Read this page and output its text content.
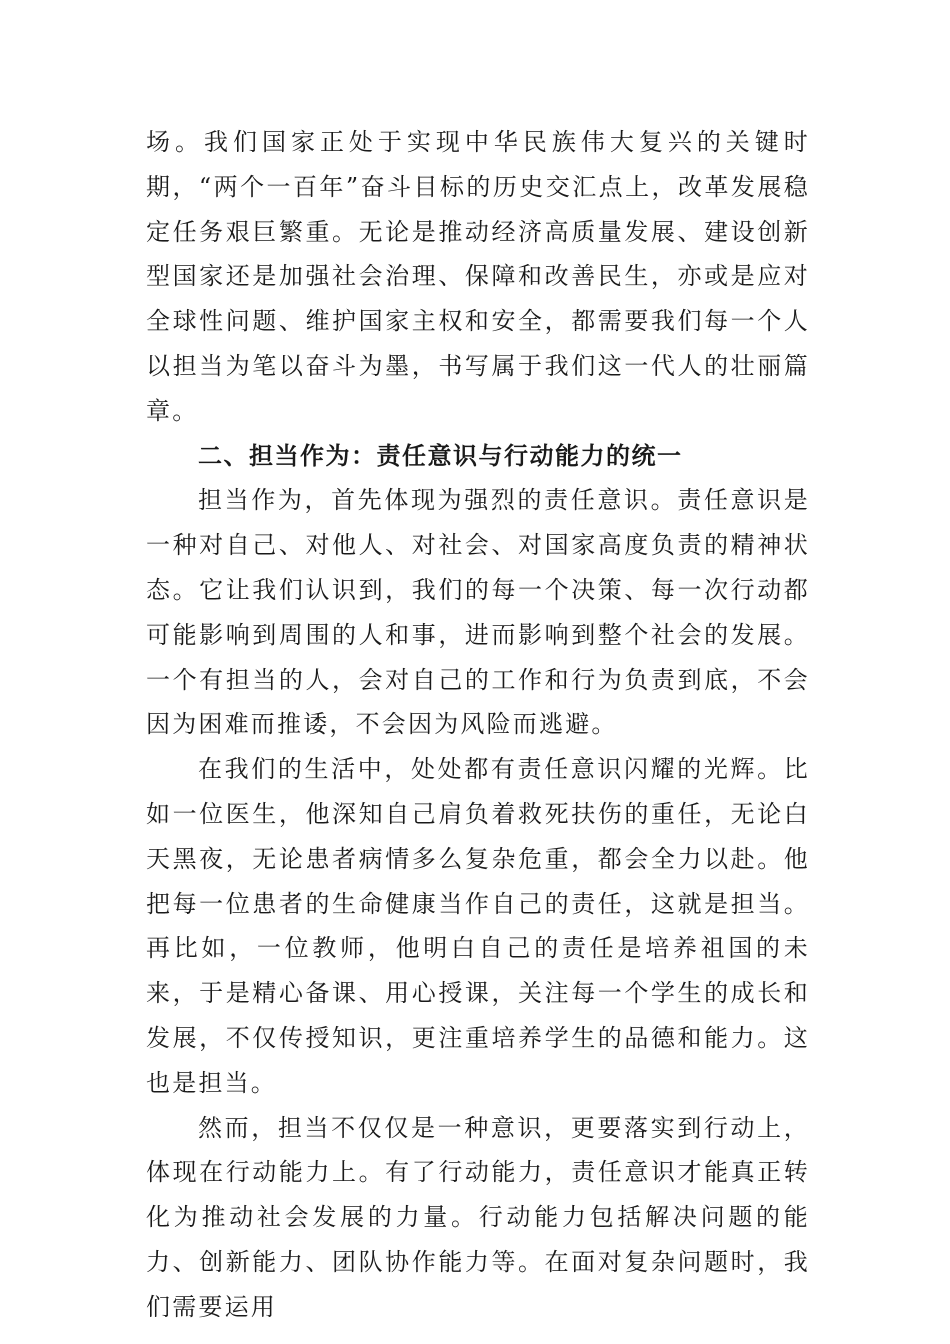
场。我们国家正处于实现中华民族伟大复兴的关键时期，“两个一百年”奋斗目标的历史交汇点上，改革发展稳定任务艰巨繁重。无论是推动经济高质量发展、建设创新型国家还是加强社会治理、保障和改善民生，亦或是应对全球性问题、维护国家主权和安全，都需要我们每一个人以担当为笔以奋斗为墨，书写属于我们这一代人的壮丽篇章。

二、担当作为：责任意识与行动能力的统一

担当作为，首先体现为强烈的责任意识。责任意识是一种对自己、对他人、对社会、对国家高度负责的精神状态。它让我们认识到，我们的每一个决策、每一次行动都可能影响到周围的人和事，进而影响到整个社会的发展。一个有担当的人，会对自己的工作和行为负责到底，不会因为困难而推诿，不会因为风险而逃避。

在我们的生活中，处处都有责任意识闪耀的光辉。比如一位医生，他深知自己肩负着救死扶伤的重任，无论白天黑夜，无论患者病情多么复杂危重，都会全力以赴。他把每一位患者的生命健康当作自己的责任，这就是担当。再比如，一位教师，他明白自己的责任是培养祖国的未来，于是精心备课、用心授课，关注每一个学生的成长和发展，不仅传授知识，更注重培养学生的品德和能力。这也是担当。

然而，担当不仅仅是一种意识，更要落实到行动上，体现在行动能力上。有了行动能力，责任意识才能真正转化为推动社会发展的力量。行动能力包括解决问题的能力、创新能力、团队协作能力等。在面对复杂问题时，我们需要运用
